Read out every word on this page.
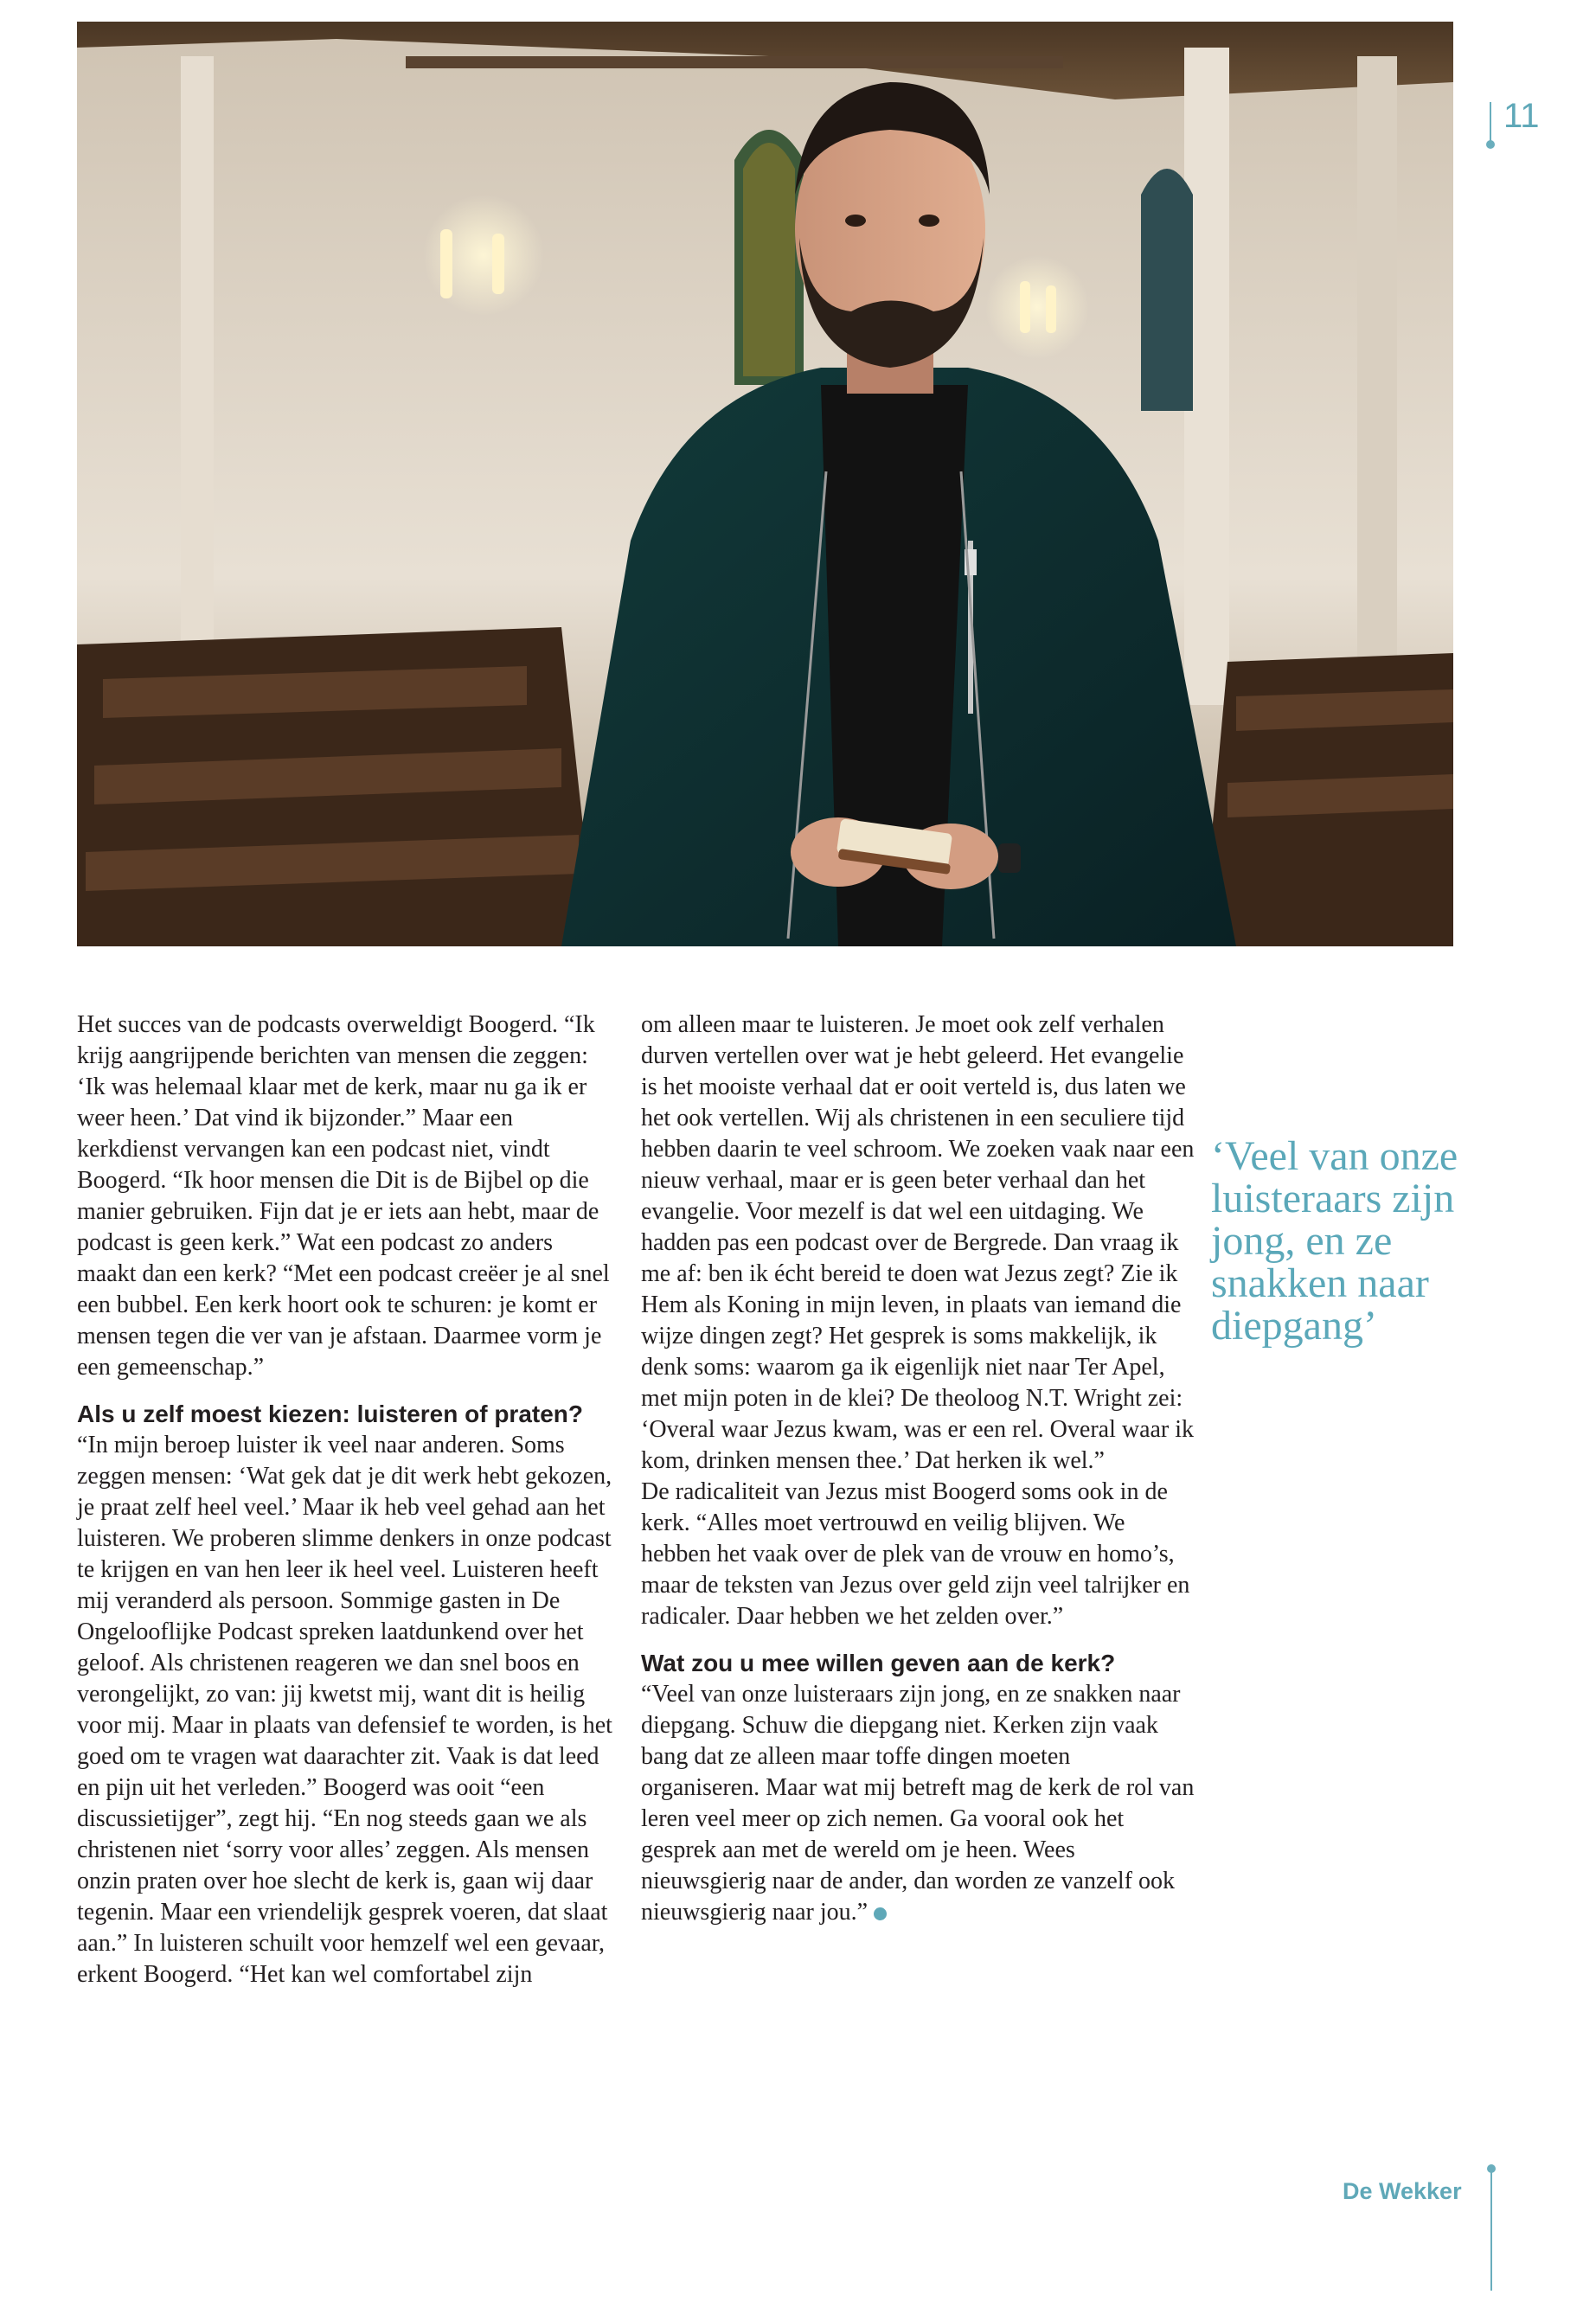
11

Het succes van de podcasts overweldigt Boogerd. “Ik krijg aangrijpende berichten van mensen die zeggen: ‘Ik was helemaal klaar met de kerk, maar nu ga ik er weer heen.’ Dat vind ik bijzonder.” Maar een kerkdienst vervangen kan een podcast niet, vindt Boogerd. “Ik hoor mensen die Dit is de Bijbel op die manier gebruiken. Fijn dat je er iets aan hebt, maar de podcast is geen kerk.” Wat een podcast zo anders maakt dan een kerk? “Met een podcast creëer je al snel een bubbel. Een kerk hoort ook te schuren: je komt er mensen tegen die ver van je afstaan. Daarmee vorm je een gemeenschap.”

Als u zelf moest kiezen: luisteren of praten?

“In mijn beroep luister ik veel naar anderen. Soms zeggen mensen: ‘Wat gek dat je dit werk hebt gekozen, je praat zelf heel veel.’ Maar ik heb veel gehad aan het luisteren. We proberen slimme denkers in onze podcast te krijgen en van hen leer ik heel veel. Luisteren heeft mij veranderd als persoon. Sommige gasten in De Ongelooflijke Podcast spreken laatdunkend over het geloof. Als christenen reageren we dan snel boos en verongelijkt, zo van: jij kwetst mij, want dit is heilig voor mij. Maar in plaats van defensief te worden, is het goed om te vragen wat daarachter zit. Vaak is dat leed en pijn uit het verleden.” Boogerd was ooit “een discussietijger”, zegt hij. “En nog steeds gaan we als christenen niet ‘sorry voor alles’ zeggen. Als mensen onzin praten over hoe slecht de kerk is, gaan wij daar tegenin. Maar een vriendelijk gesprek voeren, dat slaat aan.” In luisteren schuilt voor hemzelf wel een gevaar, erkent Boogerd. “Het kan wel comfortabel zijn

om alleen maar te luisteren. Je moet ook zelf verhalen durven vertellen over wat je hebt geleerd. Het evangelie is het mooiste verhaal dat er ooit verteld is, dus laten we het ook vertellen. Wij als christenen in een seculiere tijd hebben daarin te veel schroom. We zoeken vaak naar een nieuw verhaal, maar er is geen beter verhaal dan het evangelie. Voor mezelf is dat wel een uitdaging. We hadden pas een podcast over de Bergrede. Dan vraag ik me af: ben ik écht bereid te doen wat Jezus zegt? Zie ik Hem als Koning in mijn leven, in plaats van iemand die wijze dingen zegt? Het gesprek is soms makkelijk, ik denk soms: waarom ga ik eigenlijk niet naar Ter Apel, met mijn poten in de klei? De theoloog N.T. Wright zei: ‘Overal waar Jezus kwam, was er een rel. Overal waar ik kom, drinken mensen thee.’ Dat herken ik wel.”

De radicaliteit van Jezus mist Boogerd soms ook in de kerk. “Alles moet vertrouwd en veilig blijven. We hebben het vaak over de plek van de vrouw en homo’s, maar de teksten van Jezus over geld zijn veel talrijker en radicaler. Daar hebben we het zelden over.”

Wat zou u mee willen geven aan de kerk?

“Veel van onze luisteraars zijn jong, en ze snakken naar diepgang. Schuw die diepgang niet. Kerken zijn vaak bang dat ze alleen maar toffe dingen moeten organiseren. Maar wat mij betreft mag de kerk de rol van leren veel meer op zich nemen. Ga vooral ook het gesprek aan met de wereld om je heen. Wees nieuwsgierig naar de ander, dan worden ze vanzelf ook nieuwsgierig naar jou.”

‘Veel van onze luisteraars zijn jong, en ze snakken naar diepgang’

De Wekker
